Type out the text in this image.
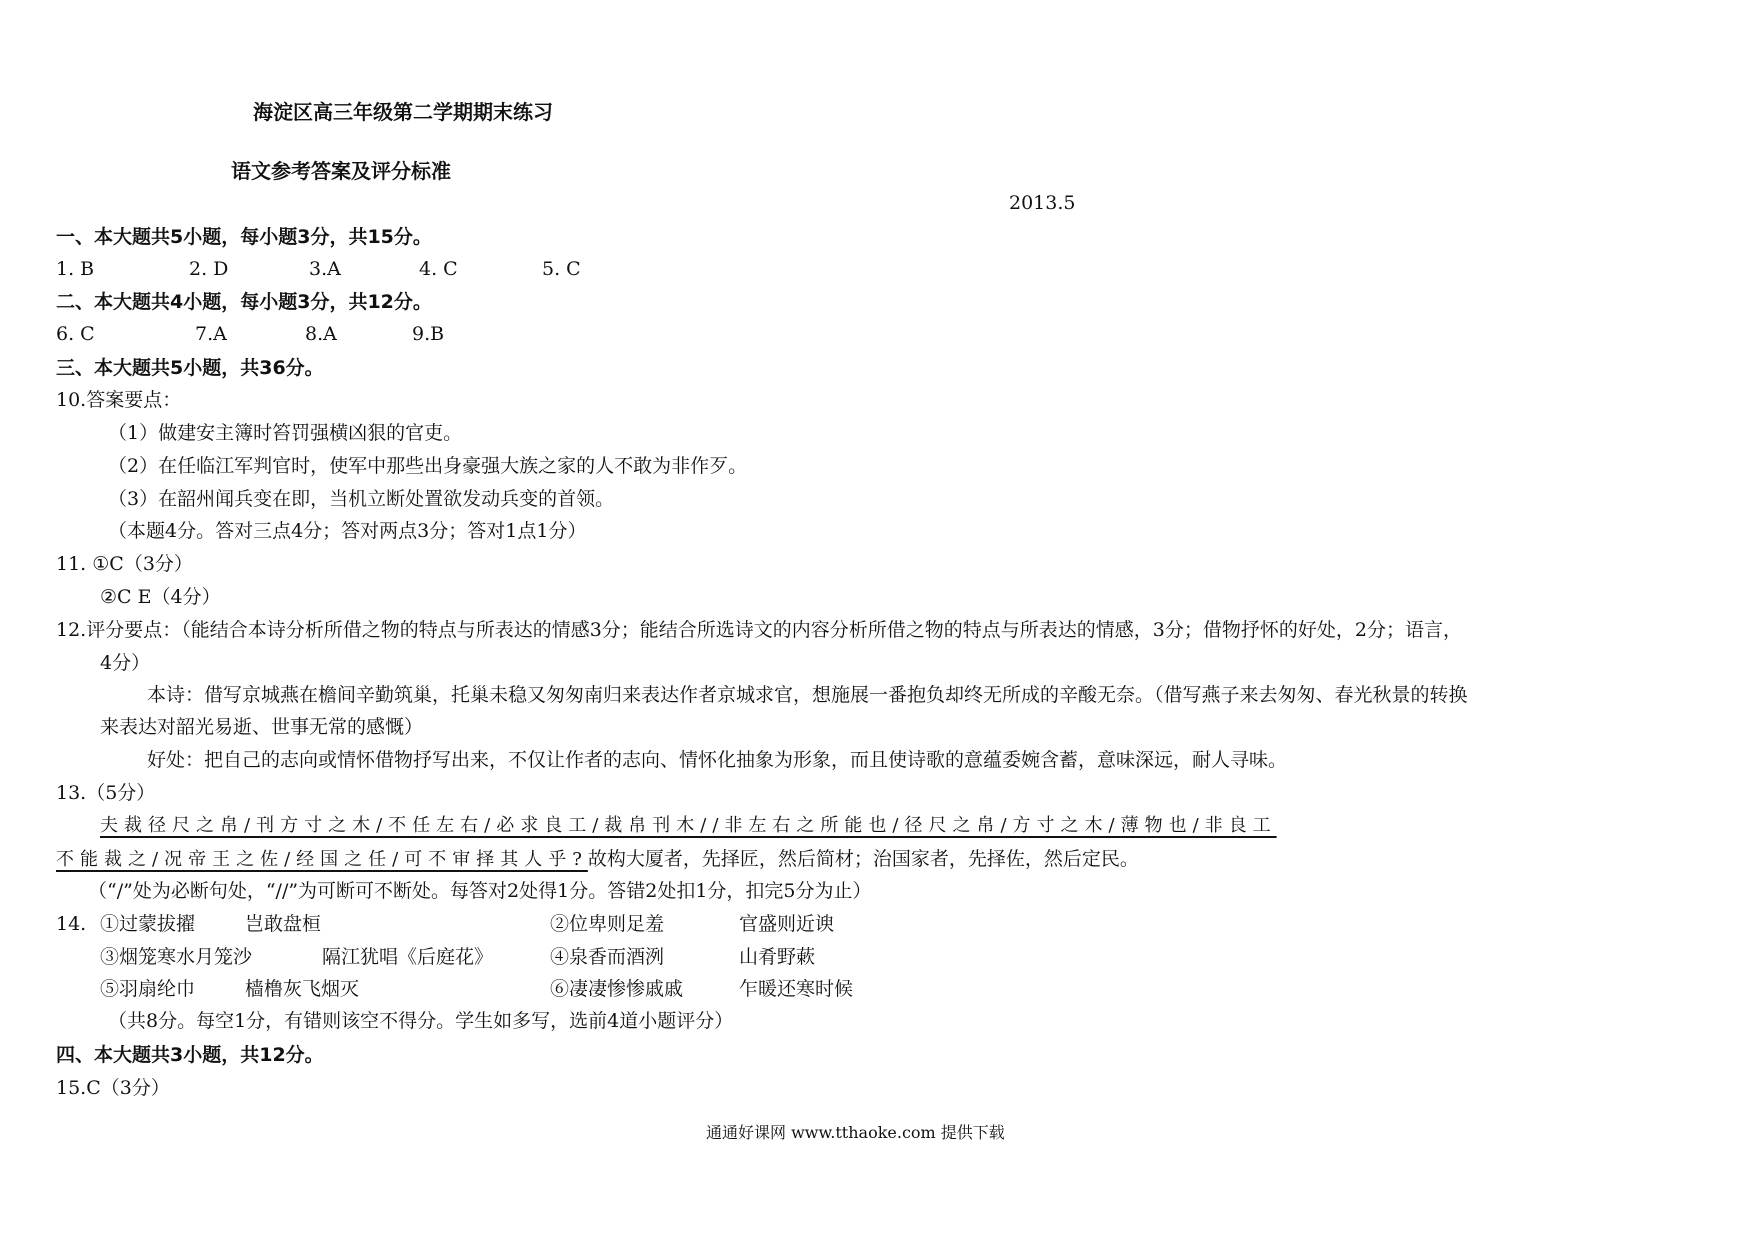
海淀区高三年级第二学期期末练习
语文参考答案及评分标准
2013.5
一、本大题共5小题，每小题3分，共15分。
1. B	2. D	3.A	4. C	5. C
二、本大题共4小题，每小题3分，共12分。
6. C	7.A	8.A	9.B
三、本大题共5小题，共36分。
10.答案要点：
（1）做建安主簿时笞罚强横凶狠的官吏。
（2）在任临江军判官时，使军中那些出身豪强大族之家的人不敢为非作歹。
（3）在韶州闻兵变在即，当机立断处置欲发动兵变的首领。
（本题4分。答对三点4分；答对两点3分；答对1点1分）
11. ①C（3分）
②C E（4分）
12.评分要点：（能结合本诗分析所借之物的特点与所表达的情感3分；能结合所选诗文的内容分析所借之物的特点与所表达的情感，3分；借物抒怀的好处，2分；语言，
4分）
本诗：借写京城燕在檐间辛勤筑巢，托巢未稳又匆匆南归来表达作者京城求官，想施展一番抱负却终无所成的辛酸无奈。（借写燕子来去匆匆、春光秋景的转换
来表达对韶光易逝、世事无常的感慨）
好处：把自己的志向或情怀借物抒写出来，不仅让作者的志向、情怀化抽象为形象，而且使诗歌的意蕴委婉含蓄，意味深远，耐人寻味。
13.（5分）
夫裁径尺之帛/刊方寸之木/不任左右/必求良工/裁帛刊木//非左右之所能也/径尺之帛/方寸之木/薄物也/非良工
不能裁之/况帝王之佐/经国之任/可不审择其人乎?故构大厦者，先择匠，然后简材；治国家者，先择佐，然后定民。
（“/”处为必断句处，“//”为可断可不断处。每答对2处得1分。答错2处扣1分，扣完5分为止）
14. ①过蒙拔擢	岂敢盘桓	②位卑则足羞	官盛则近谀
③烟笼寒水月笼沙	隔江犹唱《后庭花》	④泉香而酒洌	山肴野蔌
⑤羽扇纶巾	樯橹灰飞烟灭	⑥凄凄惨惨戚戚	乍暖还寒时候
（共8分。每空1分，有错则该空不得分。学生如多写，选前4道小题评分）
四、本大题共3小题，共12分。
15.C（3分）
通通好课网 www.tthaoke.com 提供下载
